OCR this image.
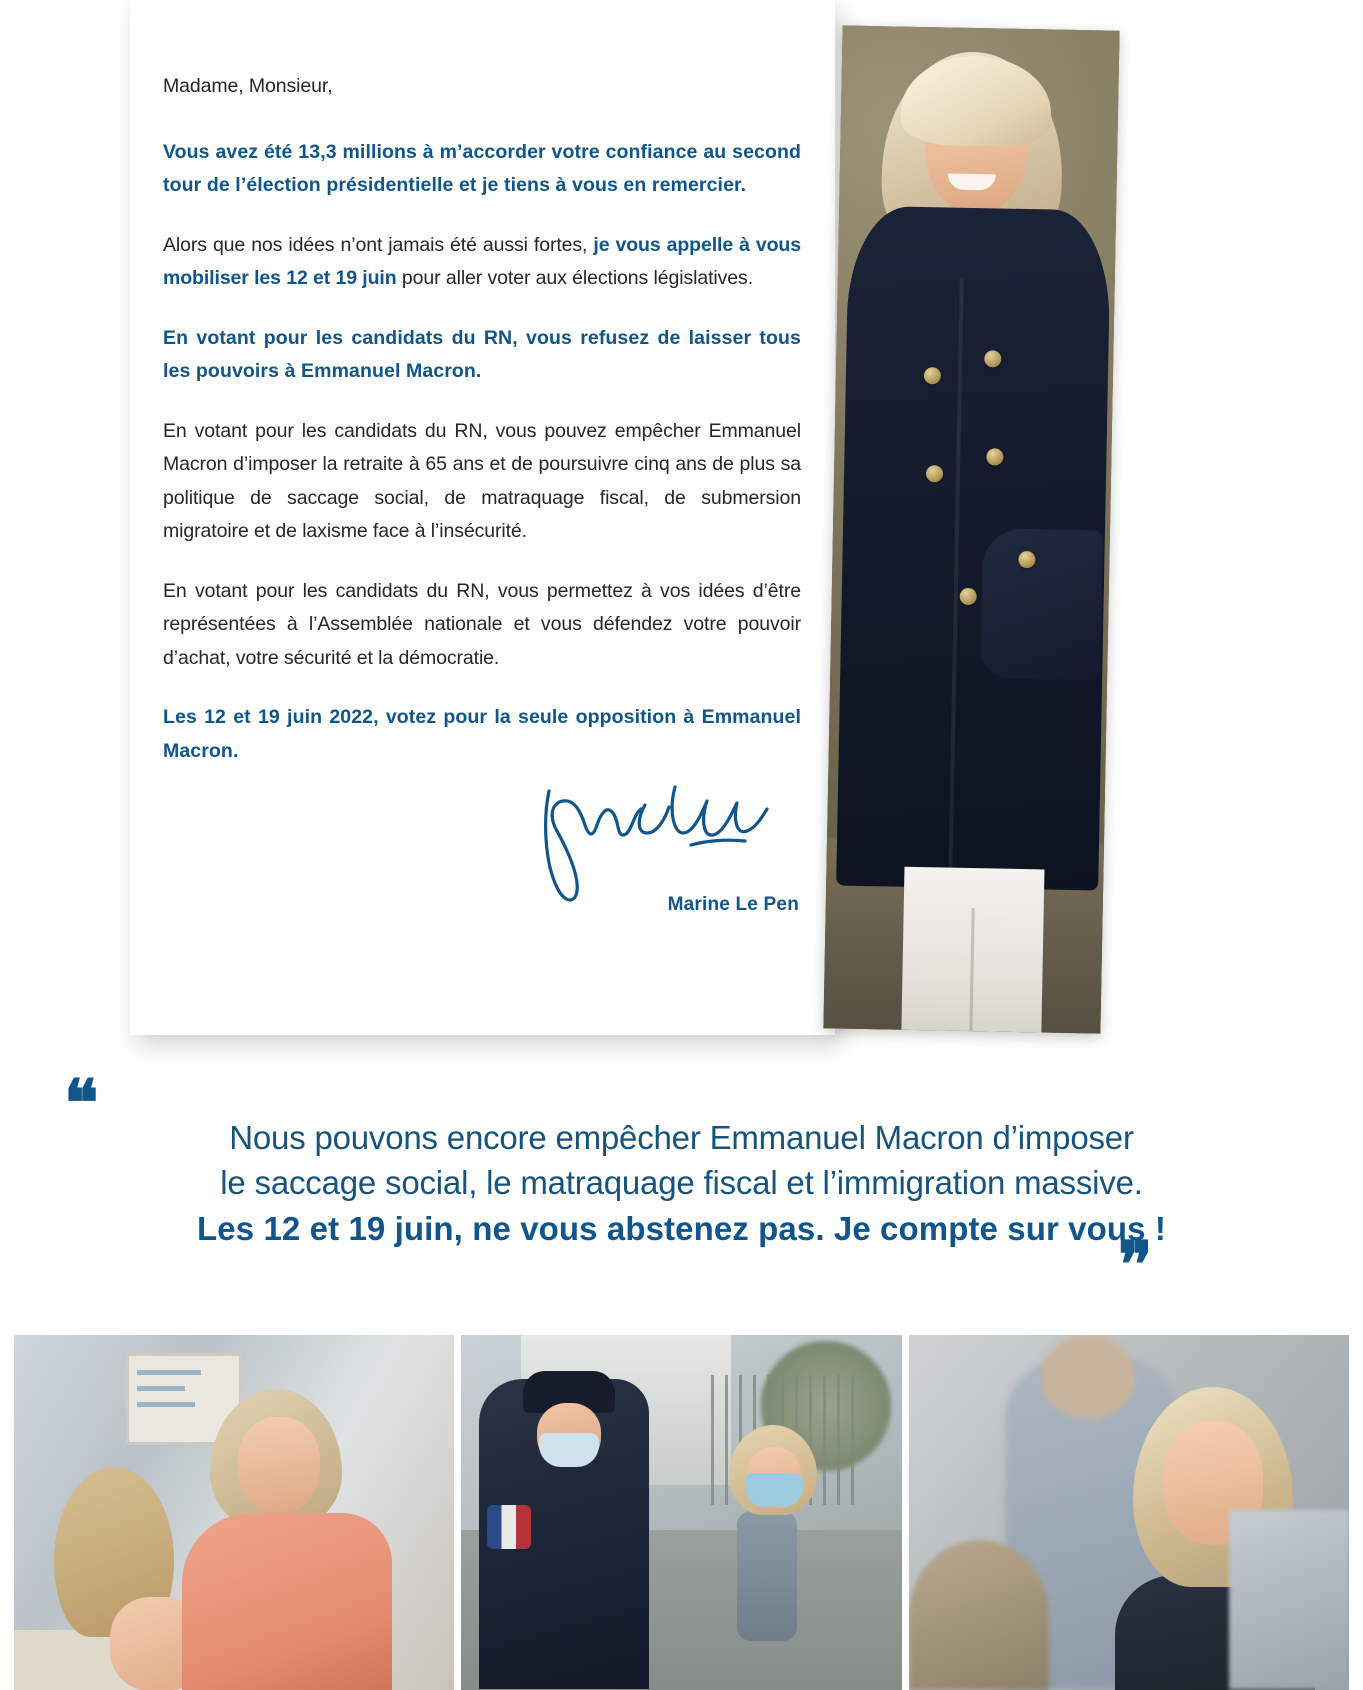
Madame, Monsieur,

Vous avez été 13,3 millions à m’accorder votre confiance au second tour de l’élection présidentielle et je tiens à vous en remercier.

Alors que nos idées n’ont jamais été aussi fortes, je vous appelle à vous mobiliser les 12 et 19 juin pour aller voter aux élections législatives.

En votant pour les candidats du RN, vous refusez de laisser tous les pouvoirs à Emmanuel Macron.

En votant pour les candidats du RN, vous pouvez empêcher Emmanuel Macron d’imposer la retraite à 65 ans et de poursuivre cinq ans de plus sa politique de saccage social, de matraquage fiscal, de submersion migratoire et de laxisme face à l’insécurité.

En votant pour les candidats du RN, vous permettez à vos idées d’être représentées à l’Assemblée nationale et vous défendez votre pouvoir d’achat, votre sécurité et la démocratie.

Les 12 et 19 juin 2022, votez pour la seule opposition à Emmanuel Macron.

Marine Le Pen
❝	Nous pouvons encore empêcher Emmanuel Macron d’imposer
le saccage social, le matraquage fiscal et l’immigration massive.
Les 12 et 19 juin, ne vous abstenez pas. Je compte sur vous !
❞
